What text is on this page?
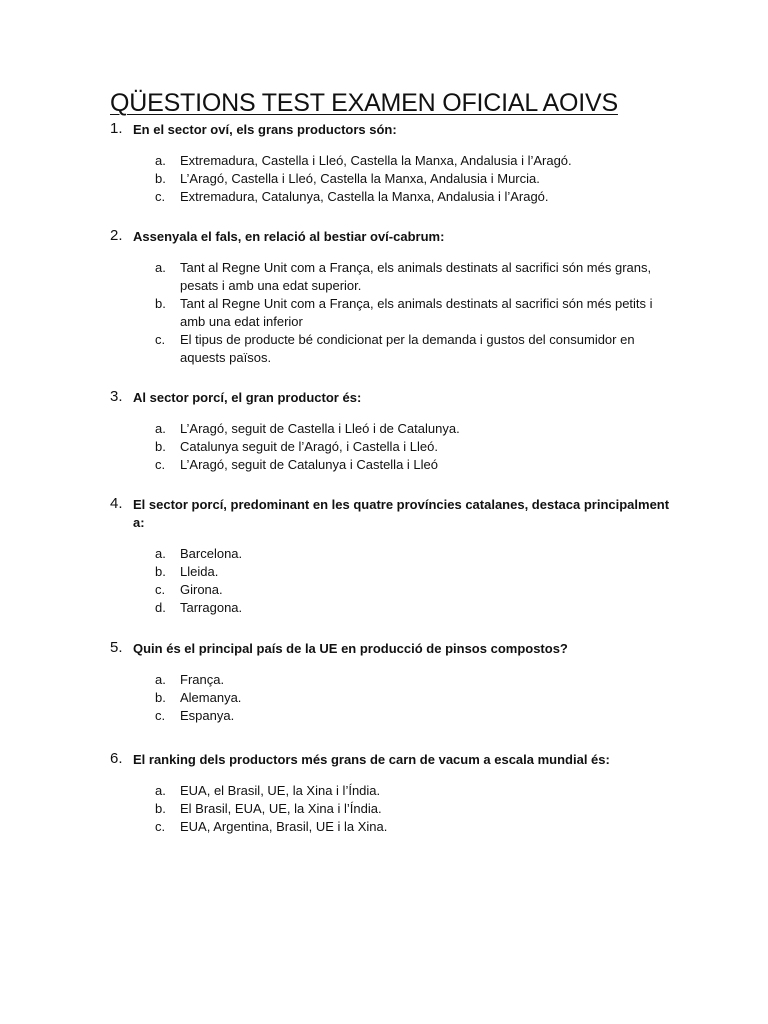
QÜESTIONS TEST EXAMEN OFICIAL AOIVS
1. En el sector oví, els grans productors són:
a. Extremadura, Castella i Lleó, Castella la Manxa, Andalusia i l’Aragó.
b. L’Aragó, Castella i Lleó, Castella la Manxa, Andalusia i Murcia.
c. Extremadura, Catalunya, Castella la Manxa, Andalusia i l’Aragó.
2. Assenyala el fals, en relació al bestiar oví-cabrum:
a. Tant al Regne Unit com a França, els animals destinats al sacrifici són més grans, pesats i amb una edat superior.
b. Tant al Regne Unit com a França, els animals destinats al sacrifici són més petits i amb una edat inferior
c. El tipus de producte bé condicionat per la demanda i gustos del consumidor en aquests països.
3. Al sector porcí, el gran productor és:
a. L’Aragó, seguit de Castella i Lleó i de Catalunya.
b. Catalunya seguit de l’Aragó, i Castella i Lleó.
c. L’Aragó, seguit de Catalunya i Castella i Lleó
4. El sector porcí, predominant en les quatre províncies catalanes, destaca principalment a:
a. Barcelona.
b. Lleida.
c. Girona.
d. Tarragona.
5. Quin és el principal país de la UE en producció de pinsos compostos?
a. França.
b. Alemanya.
c. Espanya.
6. El ranking dels productors més grans de carn de vacum a escala mundial és:
a. EUA, el Brasil, UE, la Xina i l’Índia.
b. El Brasil, EUA, UE, la Xina i l’Índia.
c. EUA, Argentina, Brasil, UE i la Xina.
